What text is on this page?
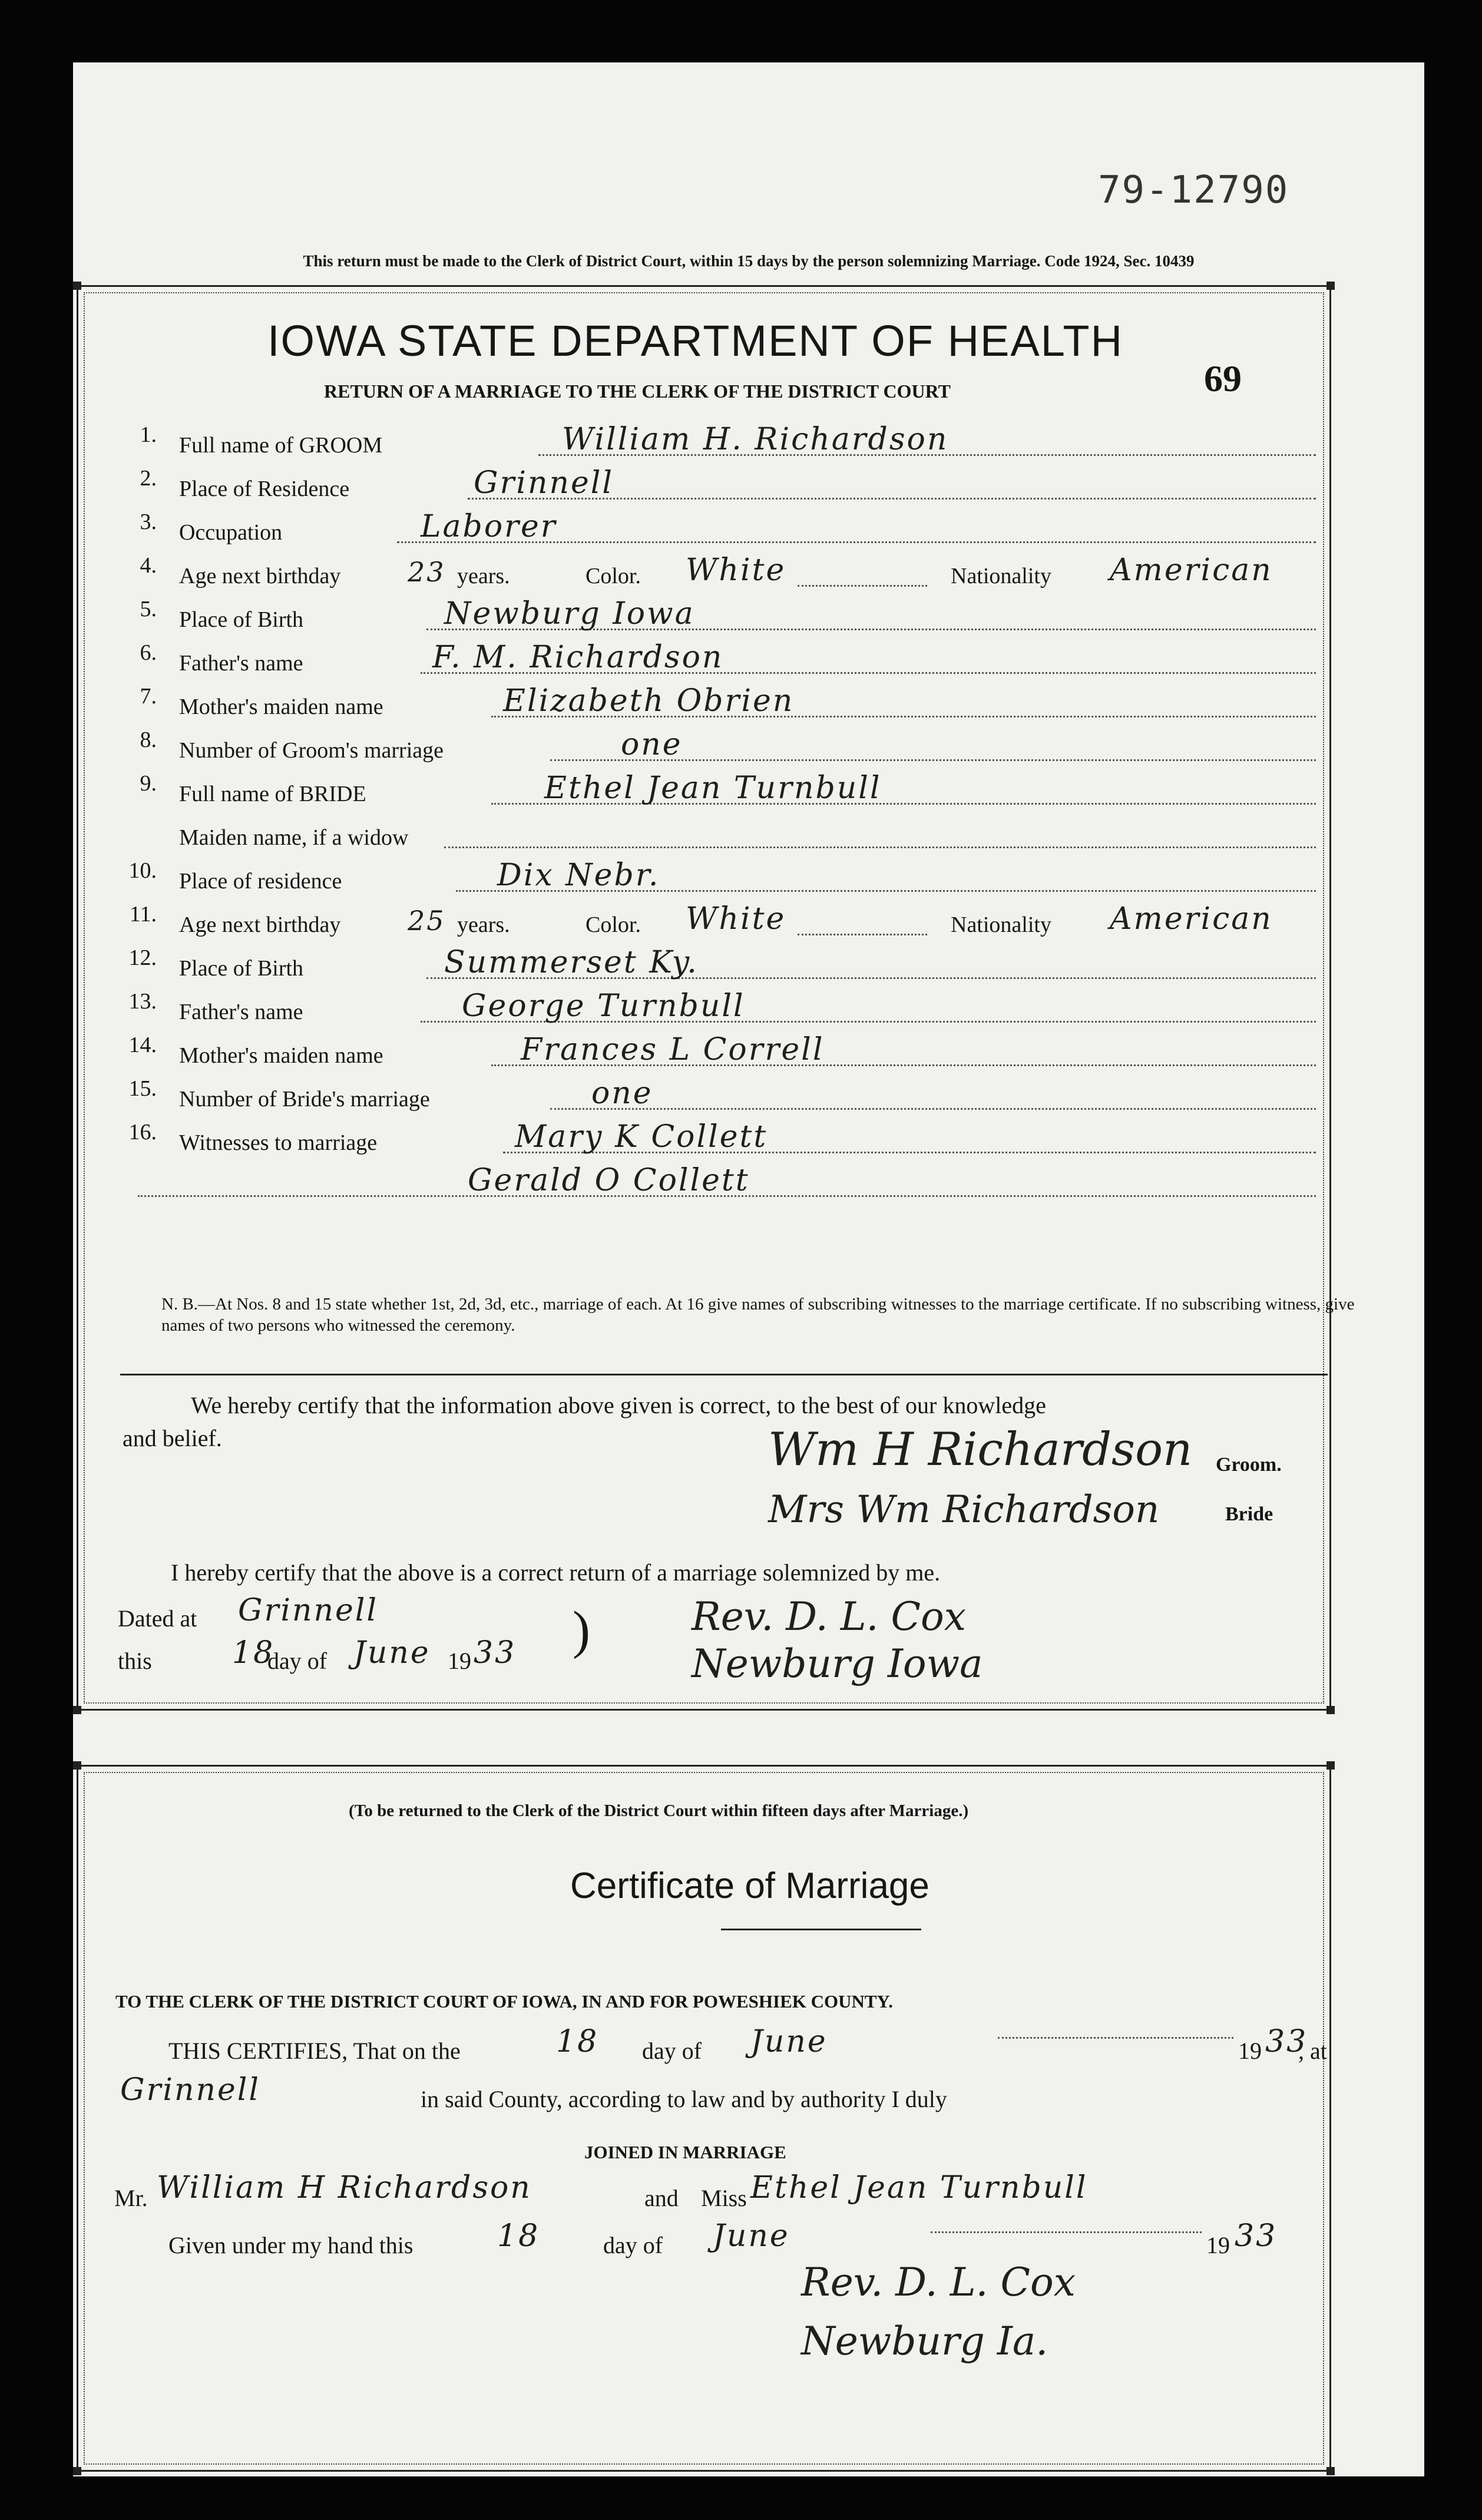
79-12790
This return must be made to the Clerk of District Court, within 15 days by the person solemnizing Marriage. Code 1924, Sec. 10439
IOWA STATE DEPARTMENT OF HEALTH
RETURN OF A MARRIAGE TO THE CLERK OF THE DISTRICT COURT	69
1. Full name of GROOM	William H. Richardson
2. Place of Residence	Grinnell
3. Occupation	Laborer
4. Age next birthday 23 years.	Color. White	Nationality American
5. Place of Birth	Newburg Iowa
6. Father's name	F. M. Richardson
7. Mother's maiden name	Elizabeth Obrien
8. Number of Groom's marriage	one
9. Full name of BRIDE	Ethel Jean Turnbull
Maiden name, if a widow
10. Place of residence	Dix Nebr.
11. Age next birthday 25 years.	Color. White	Nationality American
12. Place of Birth	Summerset Ky.
13. Father's name	George Turnbull
14. Mother's maiden name	Frances L Correll
15. Number of Bride's marriage	one
16. Witnesses to marriage	Mary K Collett
Gerald O Collett
N. B.—At Nos. 8 and 15 state whether 1st, 2d, 3d, etc., marriage of each. At 16 give names of subscribing witnesses to the marriage certificate. If no subscribing witness, give names of two persons who witnessed the ceremony.
We hereby certify that the information above given is correct, to the best of our knowledge
and belief.	Wm H Richardson Groom.
Mrs Wm Richardson	Bride
I hereby certify that the above is a correct return of a marriage solemnized by me.
Dated at Grinnell
this	18
day of June 19 33 )	Rev. D. L. Cox
Newburg Iowa
(To be returned to the Clerk of the District Court within fifteen days after Marriage.)
Certificate of Marriage
TO THE CLERK OF THE DISTRICT COURT OF IOWA, IN AND FOR POWESHIEK COUNTY.
THIS CERTIFIES, That on the	18 day of June	19 33
, at
Grinnell	in said County, according to law and by authority I duly
JOINED IN MARRIAGE
Mr. William H Richardson	and Miss Ethel Jean Turnbull
Given under my hand this	18	day of June	19 33
Rev. D. L. Cox
Newburg Ia.
